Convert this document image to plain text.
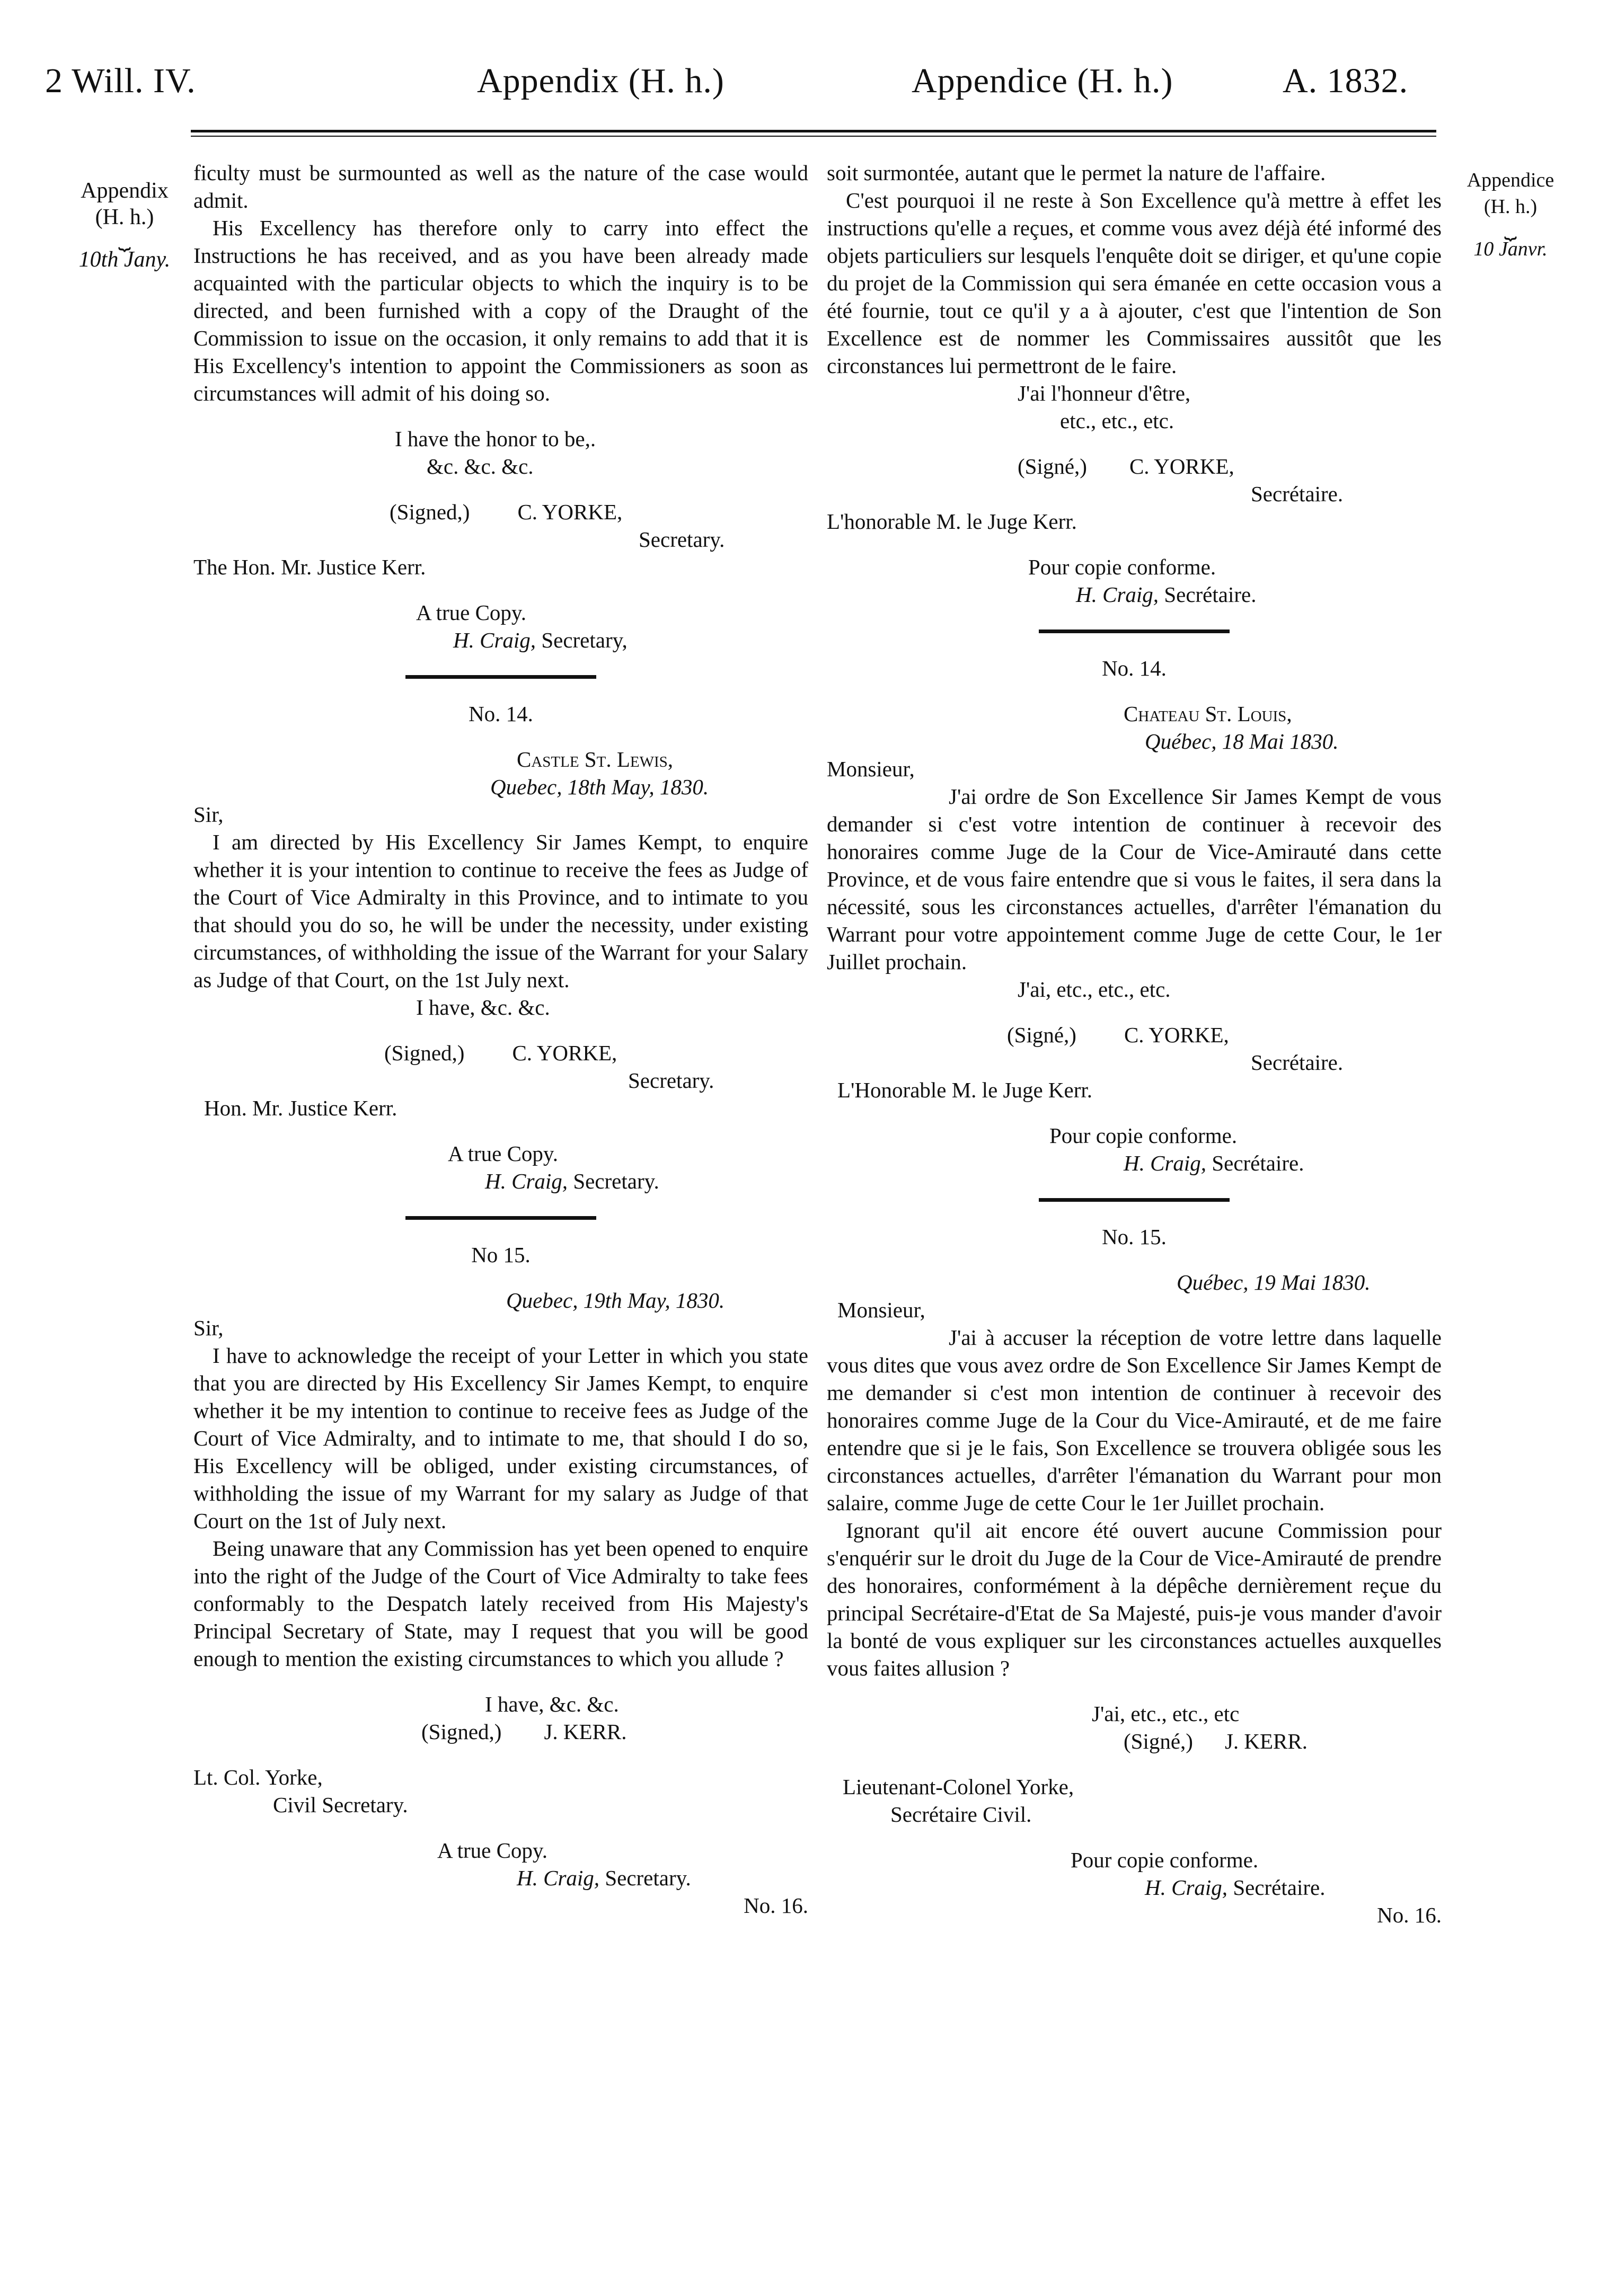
2 Will. IV.	Appendix (H. h.)	Appendice (H. h.)	A. 1832.
Appendix
(H. h.)
⏟
10th Jany.
Appendice
(H. h.)
⏟
10 Janvr.

ficulty must be surmounted as well as the nature of the case would admit.

His Excellency has therefore only to carry into effect the Instructions he has received, and as you have been already made acquainted with the particular objects to which the inquiry is to be directed, and been furnished with a copy of the Draught of the Commission to issue on the occasion, it only remains to add that it is His Excellency's intention to appoint the Commissioners as soon as circumstances will admit of his doing so.

I have the honor to be,.
&c. &c. &c.
(Signed,) C. YORKE,
Secretary.
The Hon. Mr. Justice Kerr.
A true Copy.
H. Craig, Secretary,
No. 14.
Castle St. Lewis,
Quebec, 18th May, 1830.
Sir,

I am directed by His Excellency Sir James Kempt, to enquire whether it is your intention to continue to receive the fees as Judge of the Court of Vice Admiralty in this Province, and to intimate to you that should you do so, he will be under the necessity, under existing circumstances, of withholding the issue of the Warrant for your Salary as Judge of that Court, on the 1st July next.

I have, &c. &c.
(Signed,) C. YORKE,
Secretary.
Hon. Mr. Justice Kerr.
A true Copy.
H. Craig, Secretary.
No 15.
Quebec, 19th May, 1830.
Sir,

I have to acknowledge the receipt of your Letter in which you state that you are directed by His Excellency Sir James Kempt, to enquire whether it be my intention to continue to receive fees as Judge of the Court of Vice Admiralty, and to intimate to me, that should I do so, His Excellency will be obliged, under existing circumstances, of withholding the issue of my Warrant for my salary as Judge of that Court on the 1st of July next.

Being unaware that any Commission has yet been opened to enquire into the right of the Judge of the Court of Vice Admiralty to take fees conformably to the Despatch lately received from His Majesty's Principal Secretary of State, may I request that you will be good enough to mention the existing circumstances to which you allude ?

I have, &c. &c.
(Signed,) J. KERR.
Lt. Col. Yorke,
Civil Secretary.
A true Copy.
H. Craig, Secretary.
No. 16.

soit surmontée, autant que le permet la nature de l'affaire.

C'est pourquoi il ne reste à Son Excellence qu'à mettre à effet les instructions qu'elle a reçues, et comme vous avez déjà été informé des objets particuliers sur lesquels l'enquête doit se diriger, et qu'une copie du projet de la Commission qui sera émanée en cette occasion vous a été fournie, tout ce qu'il y a à ajouter, c'est que l'intention de Son Excellence est de nommer les Commissaires aussitôt que les circonstances lui permettront de le faire.

J'ai l'honneur d'être,
etc., etc., etc.
(Signé,) C. YORKE,
Secrétaire.
L'honorable M. le Juge Kerr.
Pour copie conforme.
H. Craig, Secrétaire.
No. 14.
Chateau St. Louis,
Québec, 18 Mai 1830.
Monsieur,

J'ai ordre de Son Excellence Sir James Kempt de vous demander si c'est votre intention de continuer à recevoir des honoraires comme Juge de la Cour de Vice-Amirauté dans cette Province, et de vous faire entendre que si vous le faites, il sera dans la nécessité, sous les circonstances actuelles, d'arrêter l'émanation du Warrant pour votre appointement comme Juge de cette Cour, le 1er Juillet prochain.

J'ai, etc., etc., etc.
(Signé,) C. YORKE,
Secrétaire.
L'Honorable M. le Juge Kerr.
Pour copie conforme.
H. Craig, Secrétaire.
No. 15.
Québec, 19 Mai 1830.
Monsieur,

J'ai à accuser la réception de votre lettre dans laquelle vous dites que vous avez ordre de Son Excellence Sir James Kempt de me demander si c'est mon intention de continuer à recevoir des honoraires comme Juge de la Cour du Vice-Amirauté, et de me faire entendre que si je le fais, Son Excellence se trouvera obligée sous les circonstances actuelles, d'arrêter l'émanation du Warrant pour mon salaire, comme Juge de cette Cour le 1er Juillet prochain.

Ignorant qu'il ait encore été ouvert aucune Commission pour s'enquérir sur le droit du Juge de la Cour de Vice-Amirauté de prendre des honoraires, conformément à la dépêche dernièrement reçue du principal Secrétaire-d'Etat de Sa Majesté, puis-je vous mander d'avoir la bonté de vous expliquer sur les circonstances actuelles auxquelles vous faites allusion ?

J'ai, etc., etc., etc
(Signé,) J. KERR.
Lieutenant-Colonel Yorke,
Secrétaire Civil.
Pour copie conforme.
H. Craig, Secrétaire.
No. 16.
